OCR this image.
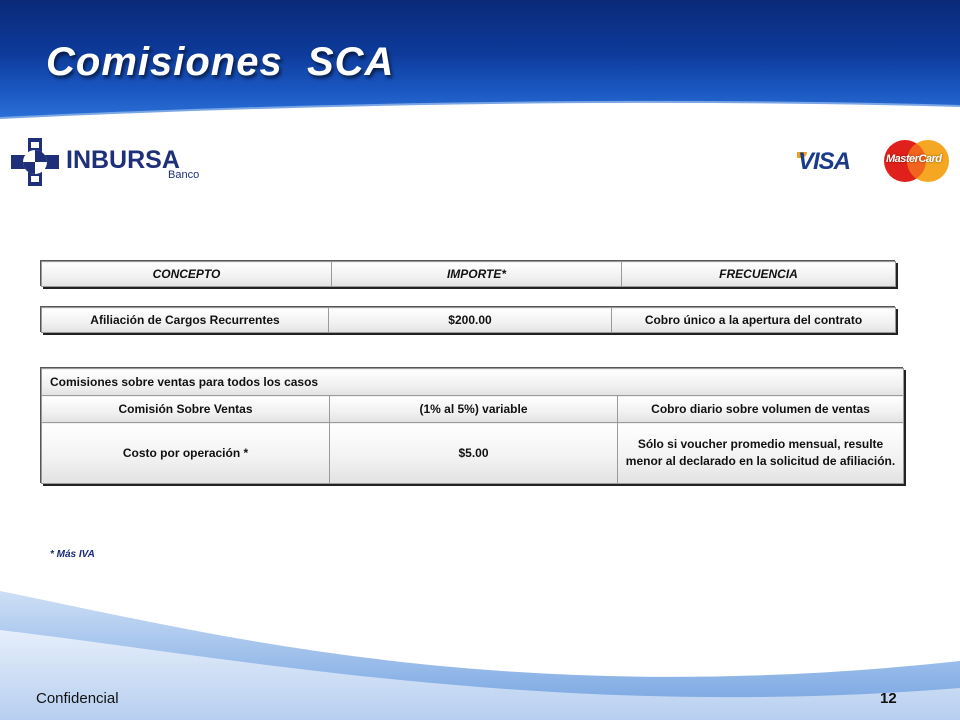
Comisiones  SCA
INBURSA
Banco	VISA	MasterCard
CONCEPTO	IMPORTE*	FRECUENCIA
Afiliación de Cargos Recurrentes	$200.00	Cobro único a la apertura del contrato
Comisiones sobre ventas para todos los casos		
Comisión Sobre Ventas	(1% al 5%) variable	Cobro diario sobre volumen de ventas
Costo por operación *	$5.00	Sólo si voucher promedio mensual, resulte menor al declarado en la solicitud de afiliación.
* Más IVA
Confidencial	12
